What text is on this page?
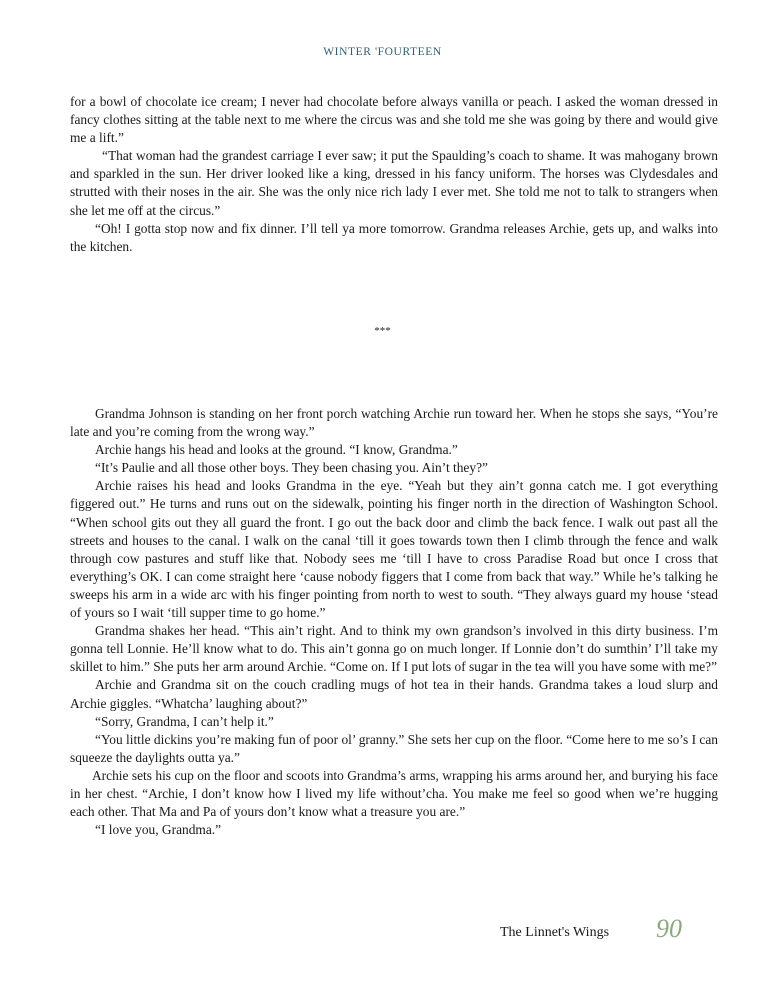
WINTER 'FOURTEEN

for a bowl of chocolate ice cream; I never had chocolate before always vanilla or peach. I asked the woman dressed in fancy clothes sitting at the table next to me where the circus was and she told me she was going by there and would give me a lift.”

“That woman had the grandest carriage I ever saw; it put the Spaulding’s coach to shame. It was mahogany brown and sparkled in the sun. Her driver looked like a king, dressed in his fancy uniform. The horses was Clydesdales and strutted with their noses in the air. She was the only nice rich lady I ever met. She told me not to talk to strangers when she let me off at the circus.”

“Oh! I gotta stop now and fix dinner. I’ll tell ya more tomorrow. Grandma releases Archie, gets up, and walks into the kitchen.

***

Grandma Johnson is standing on her front porch watching Archie run toward her. When he stops she says, “You’re late and you’re coming from the wrong way.”

Archie hangs his head and looks at the ground. “I know, Grandma.”

“It’s Paulie and all those other boys. They been chasing you. Ain’t they?”

Archie raises his head and looks Grandma in the eye. “Yeah but they ain’t gonna catch me. I got everything figgered out.” He turns and runs out on the sidewalk, pointing his finger north in the direction of Washington School. “When school gits out they all guard the front. I go out the back door and climb the back fence. I walk out past all the streets and houses to the canal. I walk on the canal ‘till it goes towards town then I climb through the fence and walk through cow pastures and stuff like that. Nobody sees me ‘till I have to cross Paradise Road but once I cross that everything’s OK. I can come straight here ‘cause nobody figgers that I come from back that way.” While he’s talking he sweeps his arm in a wide arc with his finger pointing from north to west to south. “They always guard my house ‘stead of yours so I wait ‘till supper time to go home.”

Grandma shakes her head. “This ain’t right. And to think my own grandson’s involved in this dirty business. I’m gonna tell Lonnie. He’ll know what to do. This ain’t gonna go on much longer. If Lonnie don’t do sumthin’ I’ll take my skillet to him.” She puts her arm around Archie. “Come on. If I put lots of sugar in the tea will you have some with me?”

Archie and Grandma sit on the couch cradling mugs of hot tea in their hands. Grandma takes a loud slurp and Archie giggles. “Whatcha’ laughing about?”

“Sorry, Grandma, I can’t help it.”

“You little dickins you’re making fun of poor ol’ granny.” She sets her cup on the floor. “Come here to me so’s I can squeeze the daylights outta ya.”

Archie sets his cup on the floor and scoots into Grandma’s arms, wrapping his arms around her, and burying his face in her chest. “Archie, I don’t know how I lived my life without’cha. You make me feel so good when we’re hugging each other. That Ma and Pa of yours don’t know what a treasure you are.”

“I love you, Grandma.”

The Linnet's Wings 90
